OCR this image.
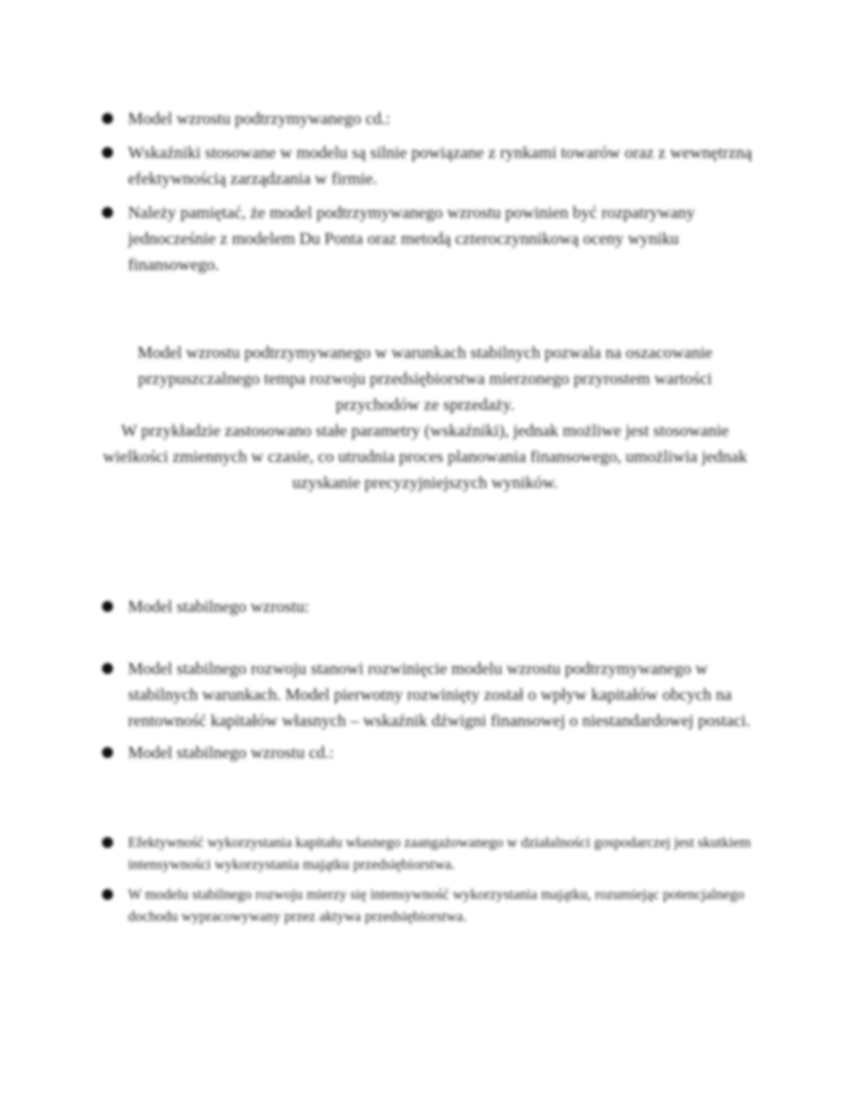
Model wzrostu podtrzymywanego cd.:
Wskaźniki stosowane w modelu są silnie powiązane z rynkami towarów oraz z wewnętrzną efektywnością zarządzania w firmie.
Należy pamiętać, że model podtrzymywanego wzrostu powinien być rozpatrywany jednocześnie z modelem Du Ponta oraz metodą czteroczynnikową oceny wyniku finansowego.

Model wzrostu podtrzymywanego w warunkach stabilnych pozwala na oszacowanie przypuszczalnego tempa rozwoju przedsiębiorstwa mierzonego przyrostem wartości przychodów ze sprzedaży.

W przykładzie zastosowano stałe parametry (wskaźniki), jednak możliwe jest stosowanie wielkości zmiennych w czasie, co utrudnia proces planowania finansowego, umożliwia jednak uzyskanie precyzyjniejszych wyników.

Model stabilnego wzrostu:
Model stabilnego rozwoju stanowi rozwinięcie modelu wzrostu podtrzymywanego w stabilnych warunkach. Model pierwotny rozwinięty został o wpływ kapitałów obcych na rentowność kapitałów własnych – wskaźnik dźwigni finansowej o niestandardowej postaci.
Model stabilnego wzrostu cd.:
Efektywność wykorzystania kapitału własnego zaangażowanego w działalności gospodarczej jest skutkiem intensywności wykorzystania majątku przedsiębiorstwa.
W modelu stabilnego rozwoju mierzy się intensywność wykorzystania majątku, rozumiejąc potencjalnego dochodu wypracowywany przez aktywa przedsiębiorstwa.
